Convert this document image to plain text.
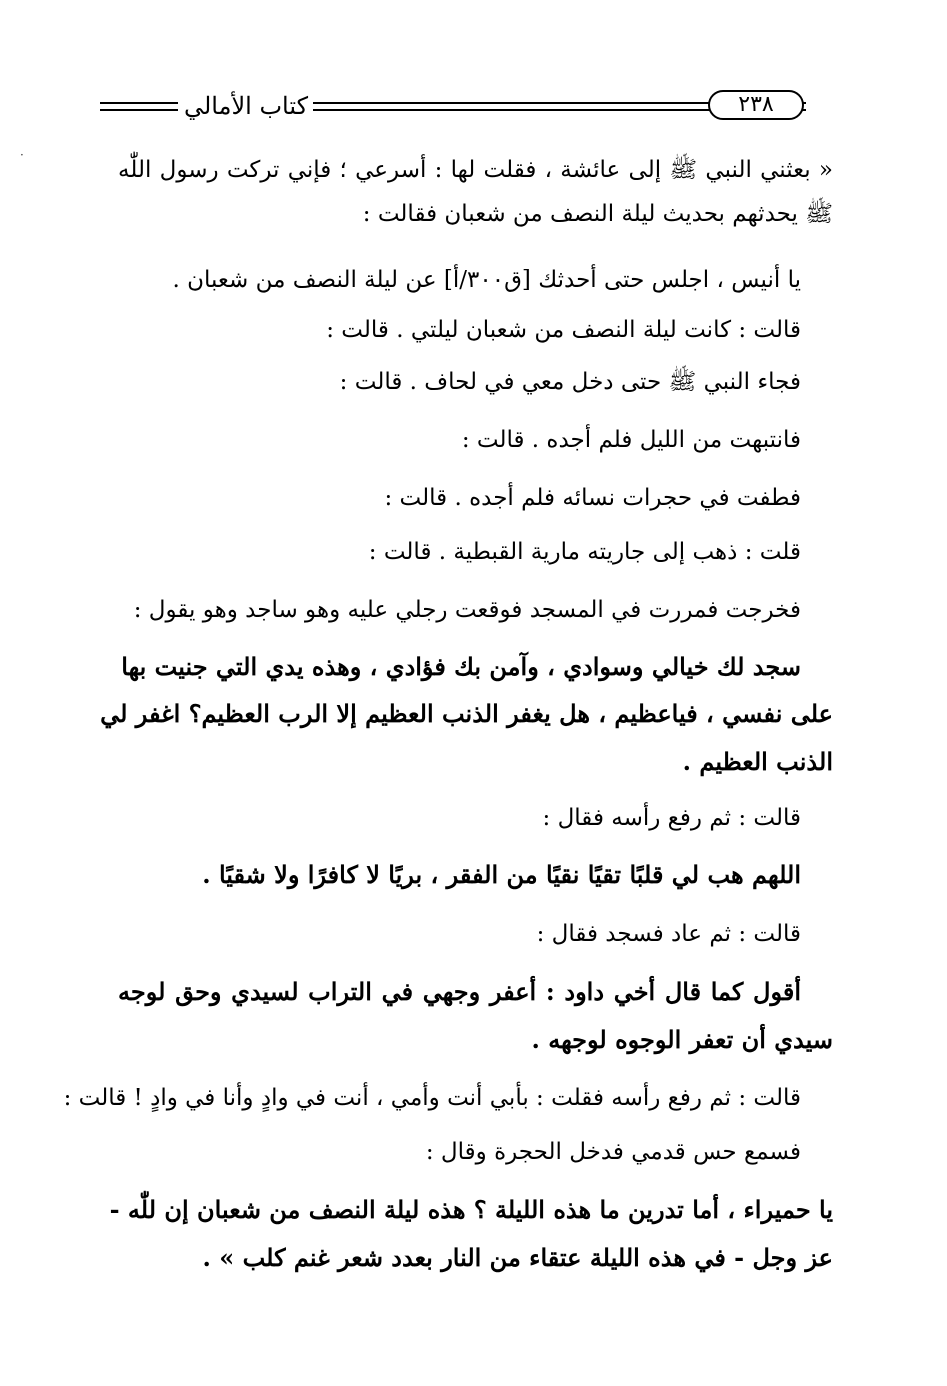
كتاب الأمالي	٢٣٨
·
« بعثني النبي ﷺ إلى عائشة ، فقلت لها : أسرعي ؛ فإني تركت رسول اللّٰه
ﷺ يحدثهم بحديث ليلة النصف من شعبان فقالت :
يا أنيس ، اجلس حتى أحدثك [ق٣٠٠/أ] عن ليلة النصف من شعبان .
قالت : كانت ليلة النصف من شعبان ليلتي . قالت :
فجاء النبي ﷺ حتى دخل معي في لحاف . قالت :
فانتبهت من الليل فلم أجده . قالت :
فطفت في حجرات نسائه فلم أجده . قالت :
قلت : ذهب إلى جاريته مارية القبطية . قالت :
فخرجت فمررت في المسجد فوقعت رجلي عليه وهو ساجد وهو يقول :
سجد لك خيالي وسوادي ، وآمن بك فؤادي ، وهذه يدي التي جنيت بها
على نفسي ، فياعظيم ، هل يغفر الذنب العظيم إلا الرب العظيم؟ اغفر لي
الذنب العظيم .
قالت : ثم رفع رأسه فقال :
اللهم هب لي قلبًا تقيًا نقيًا من الفقر ، بريًا لا كافرًا ولا شقيًا .
قالت : ثم عاد فسجد فقال :
أقول كما قال أخي داود : أعفر وجهي في التراب لسيدي وحق لوجه
سيدي أن تعفر الوجوه لوجهه .
قالت : ثم رفع رأسه فقلت : بأبي أنت وأمي ، أنت في وادٍ وأنا في وادٍ ! قالت :
فسمع حس قدمي فدخل الحجرة وقال :
يا حميراء ، أما تدرين ما هذه الليلة ؟ هذه ليلة النصف من شعبان إن للّٰه -
عز وجل - في هذه الليلة عتقاء من النار بعدد شعر غنم كلب » .
